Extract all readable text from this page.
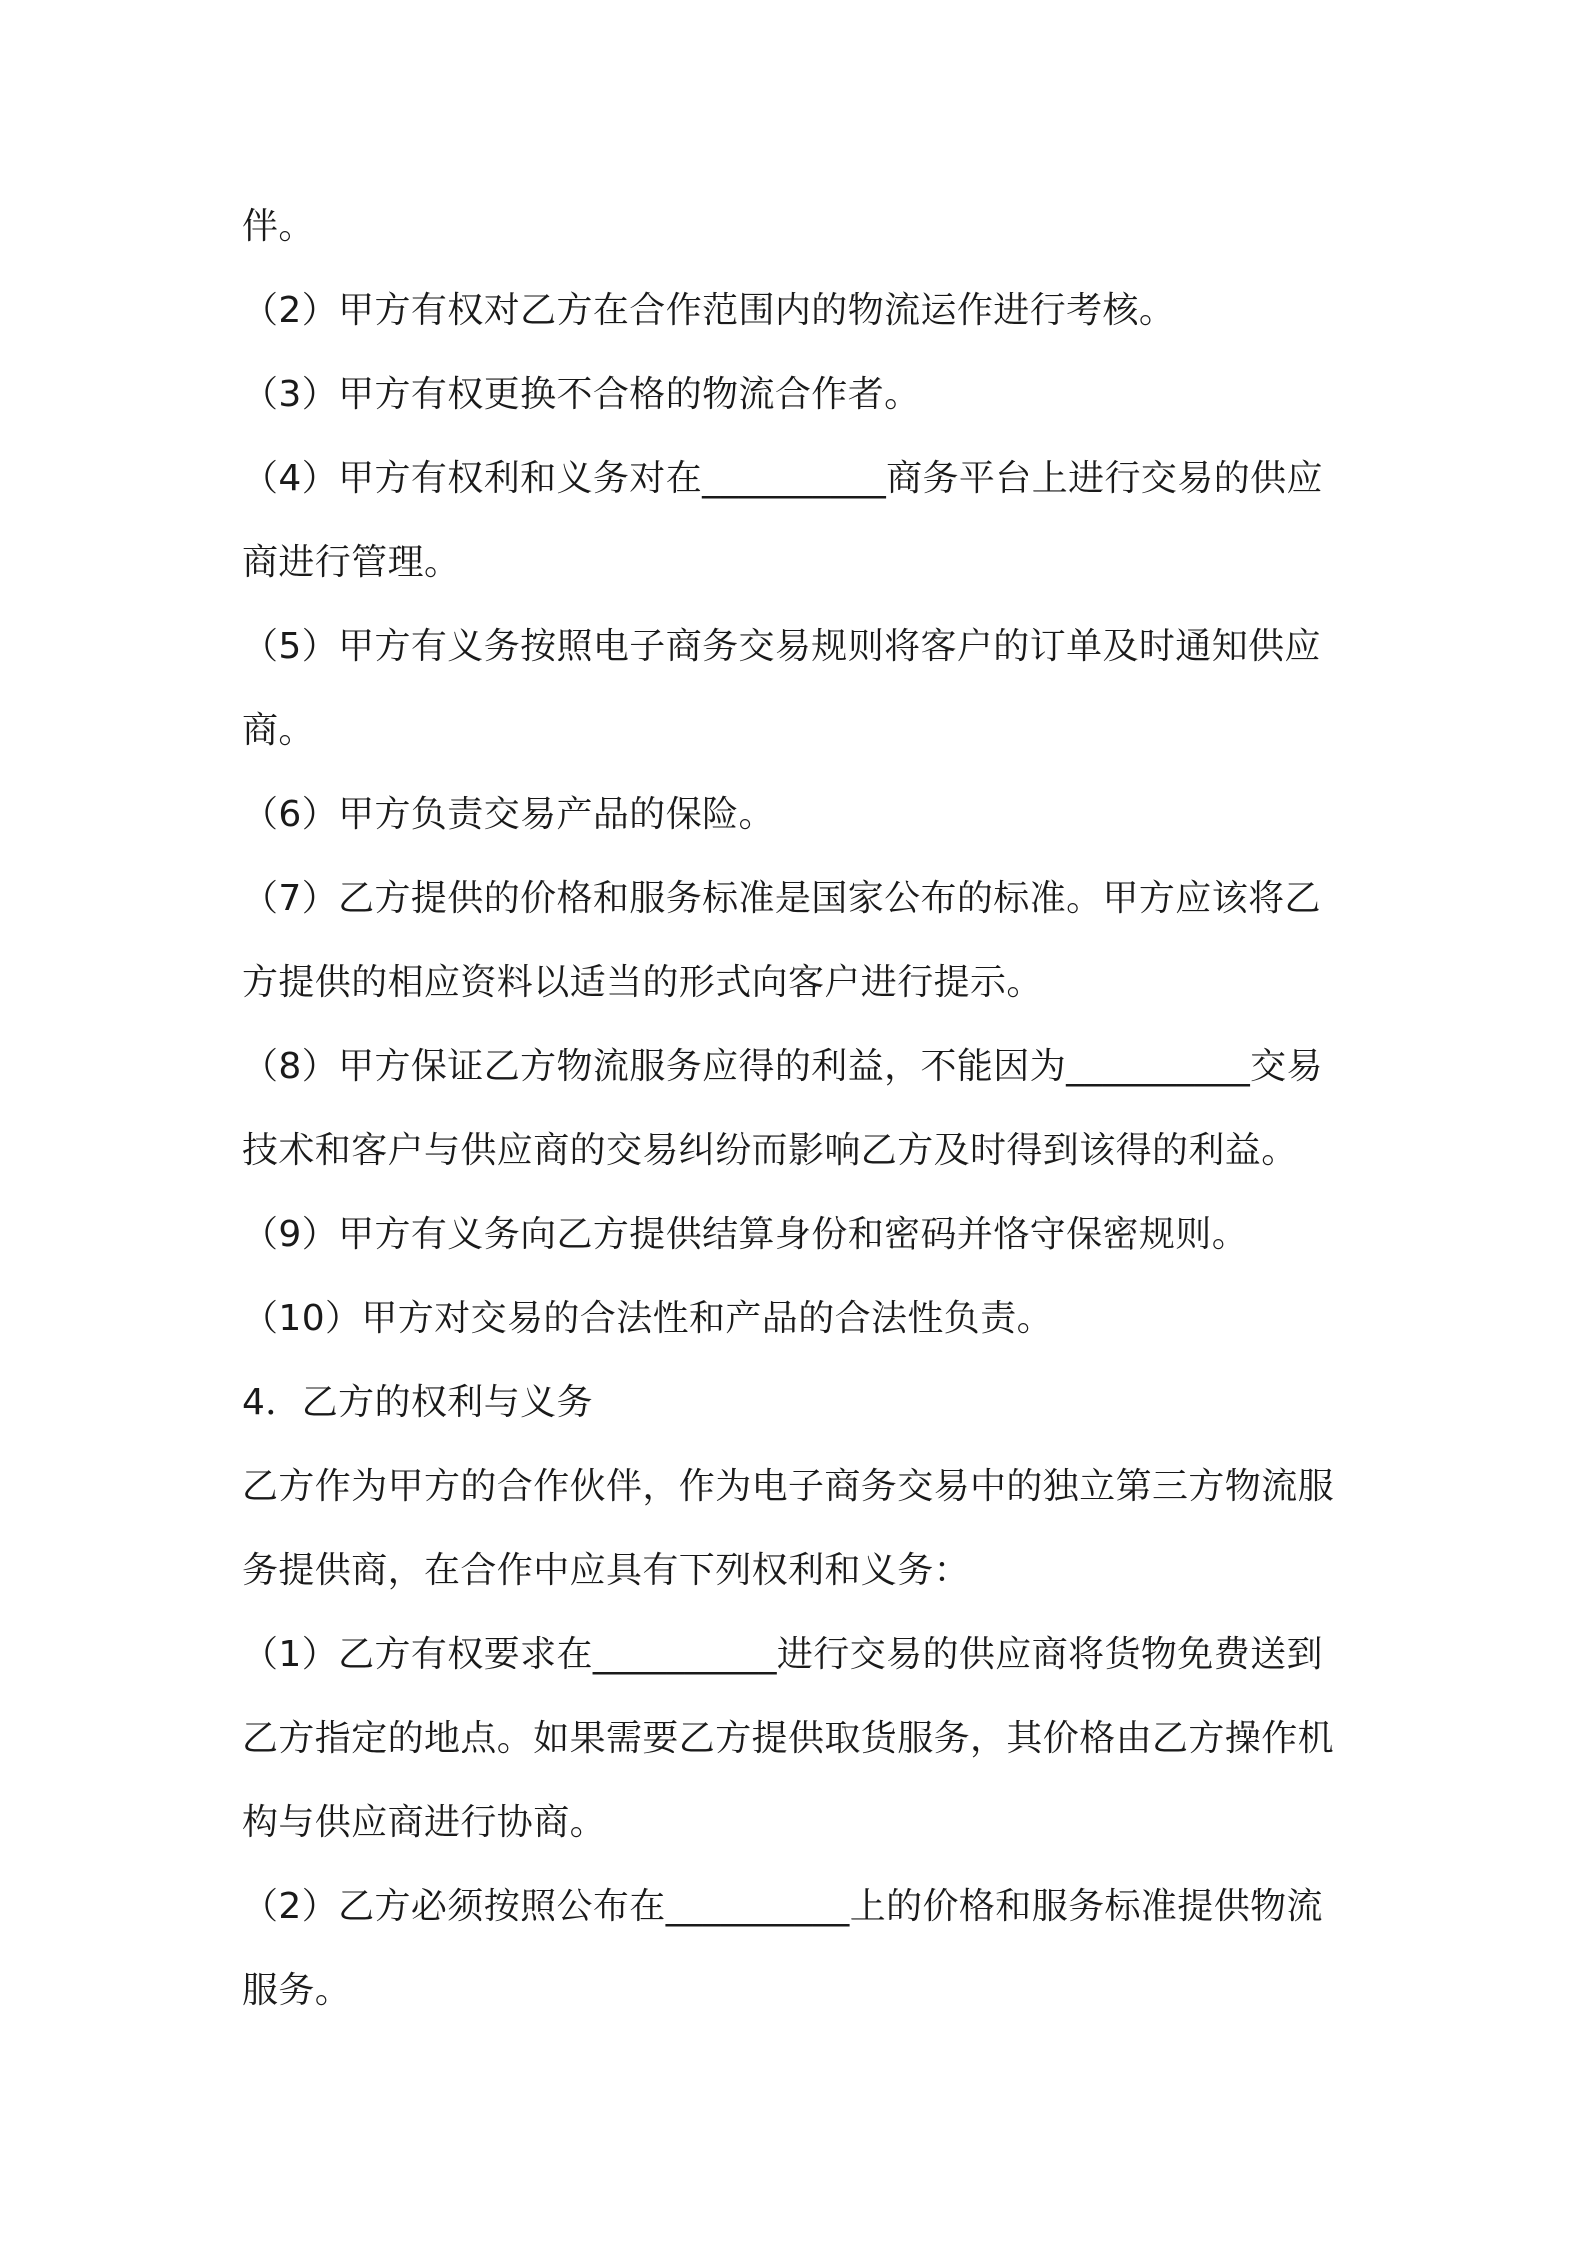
伴。
（2）甲方有权对乙方在合作范围内的物流运作进行考核。
（3）甲方有权更换不合格的物流合作者。
（4）甲方有权利和义务对在__________商务平台上进行交易的供应
商进行管理。
（5）甲方有义务按照电子商务交易规则将客户的订单及时通知供应
商。
（6）甲方负责交易产品的保险。
（7）乙方提供的价格和服务标准是国家公布的标准。甲方应该将乙
方提供的相应资料以适当的形式向客户进行提示。
（8）甲方保证乙方物流服务应得的利益，不能因为__________交易
技术和客户与供应商的交易纠纷而影响乙方及时得到该得的利益。
（9）甲方有义务向乙方提供结算身份和密码并恪守保密规则。
（10）甲方对交易的合法性和产品的合法性负责。
4．乙方的权利与义务
乙方作为甲方的合作伙伴，作为电子商务交易中的独立第三方物流服
务提供商，在合作中应具有下列权利和义务：
（1）乙方有权要求在__________进行交易的供应商将货物免费送到
乙方指定的地点。如果需要乙方提供取货服务，其价格由乙方操作机
构与供应商进行协商。
（2）乙方必须按照公布在__________上的价格和服务标准提供物流
服务。
